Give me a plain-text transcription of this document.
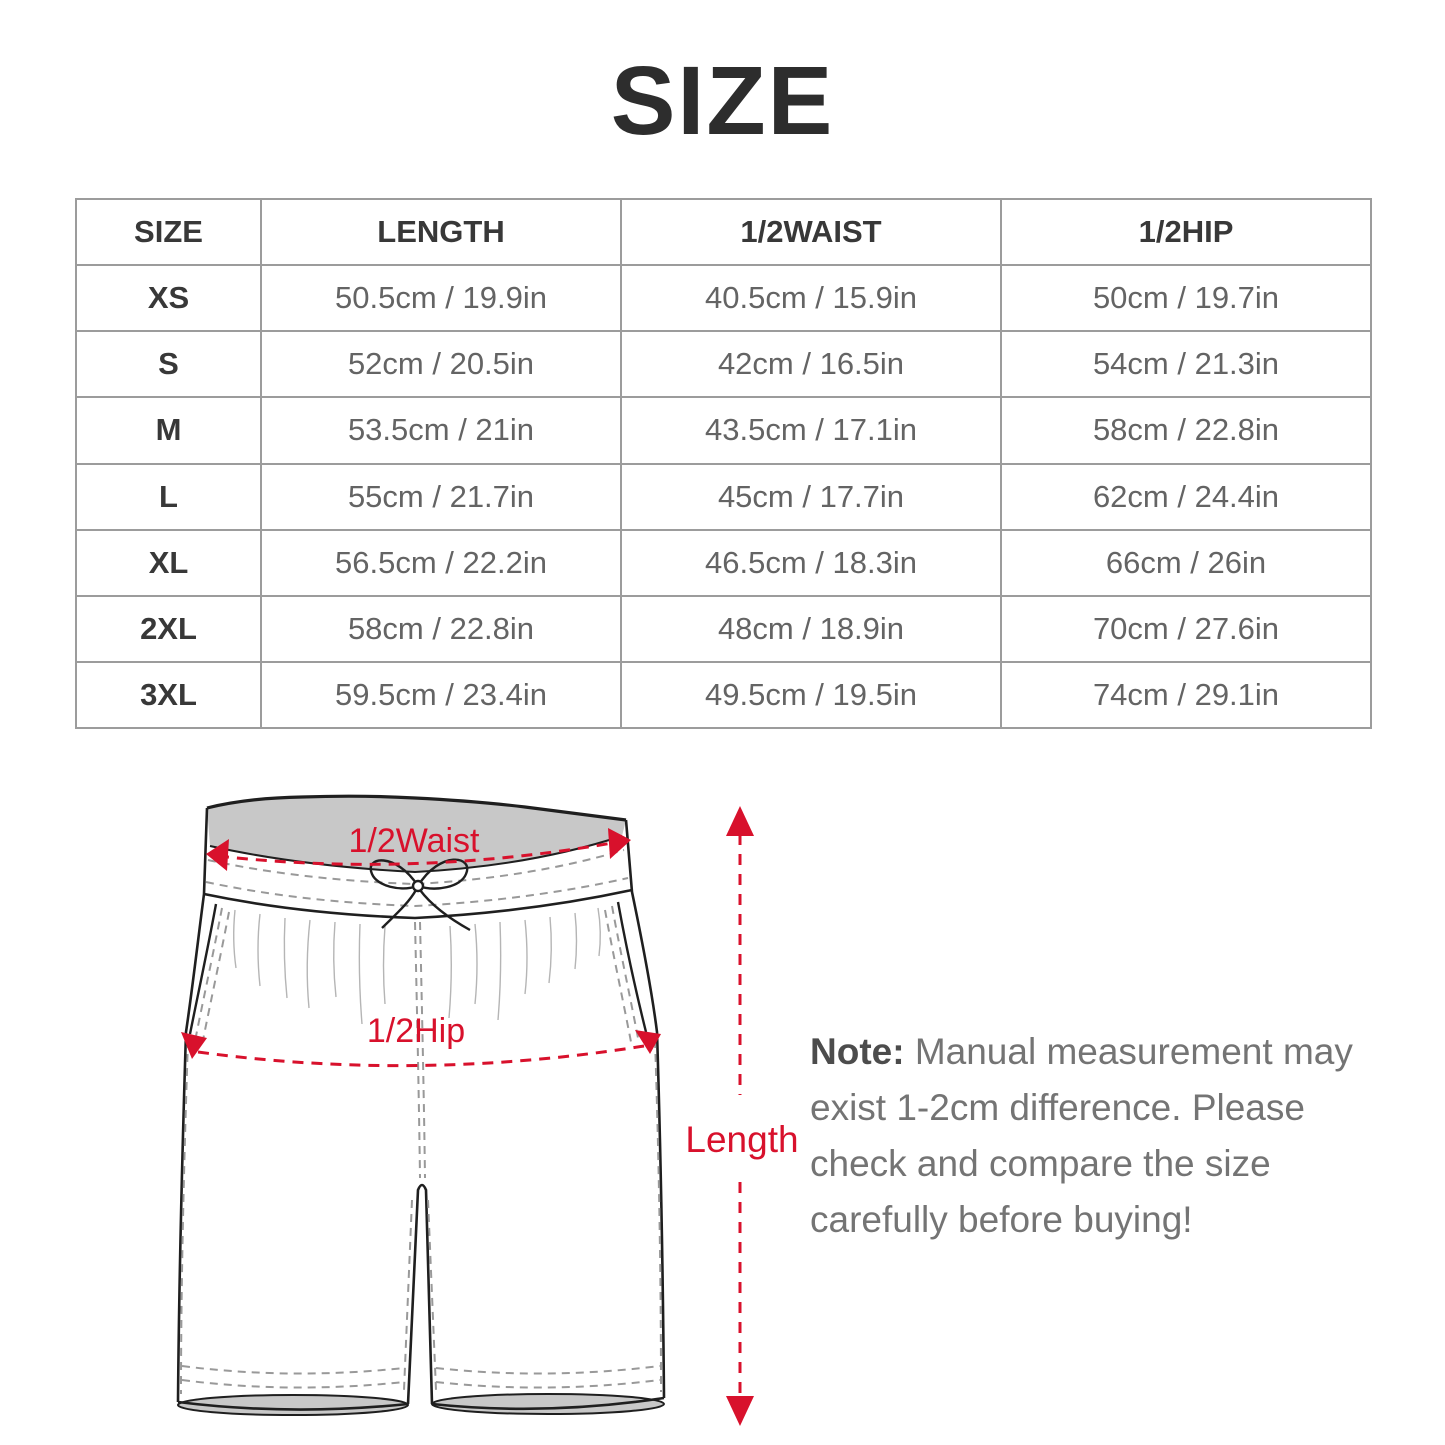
SIZE
SIZE	LENGTH	1/2WAIST	1/2HIP
XS	50.5cm / 19.9in	40.5cm / 15.9in	50cm / 19.7in
S	52cm / 20.5in	42cm / 16.5in	54cm / 21.3in
M	53.5cm / 21in	43.5cm / 17.1in	58cm / 22.8in
L	55cm / 21.7in	45cm / 17.7in	62cm / 24.4in
XL	56.5cm / 22.2in	46.5cm / 18.3in	66cm / 26in
2XL	58cm / 22.8in	48cm / 18.9in	70cm / 27.6in
3XL	59.5cm / 23.4in	49.5cm / 19.5in	74cm / 29.1in
1/2Waist
1/2Hip
Length
Note: Manual measurement may
exist 1-2cm difference. Please
check and compare the size
carefully before buying!
